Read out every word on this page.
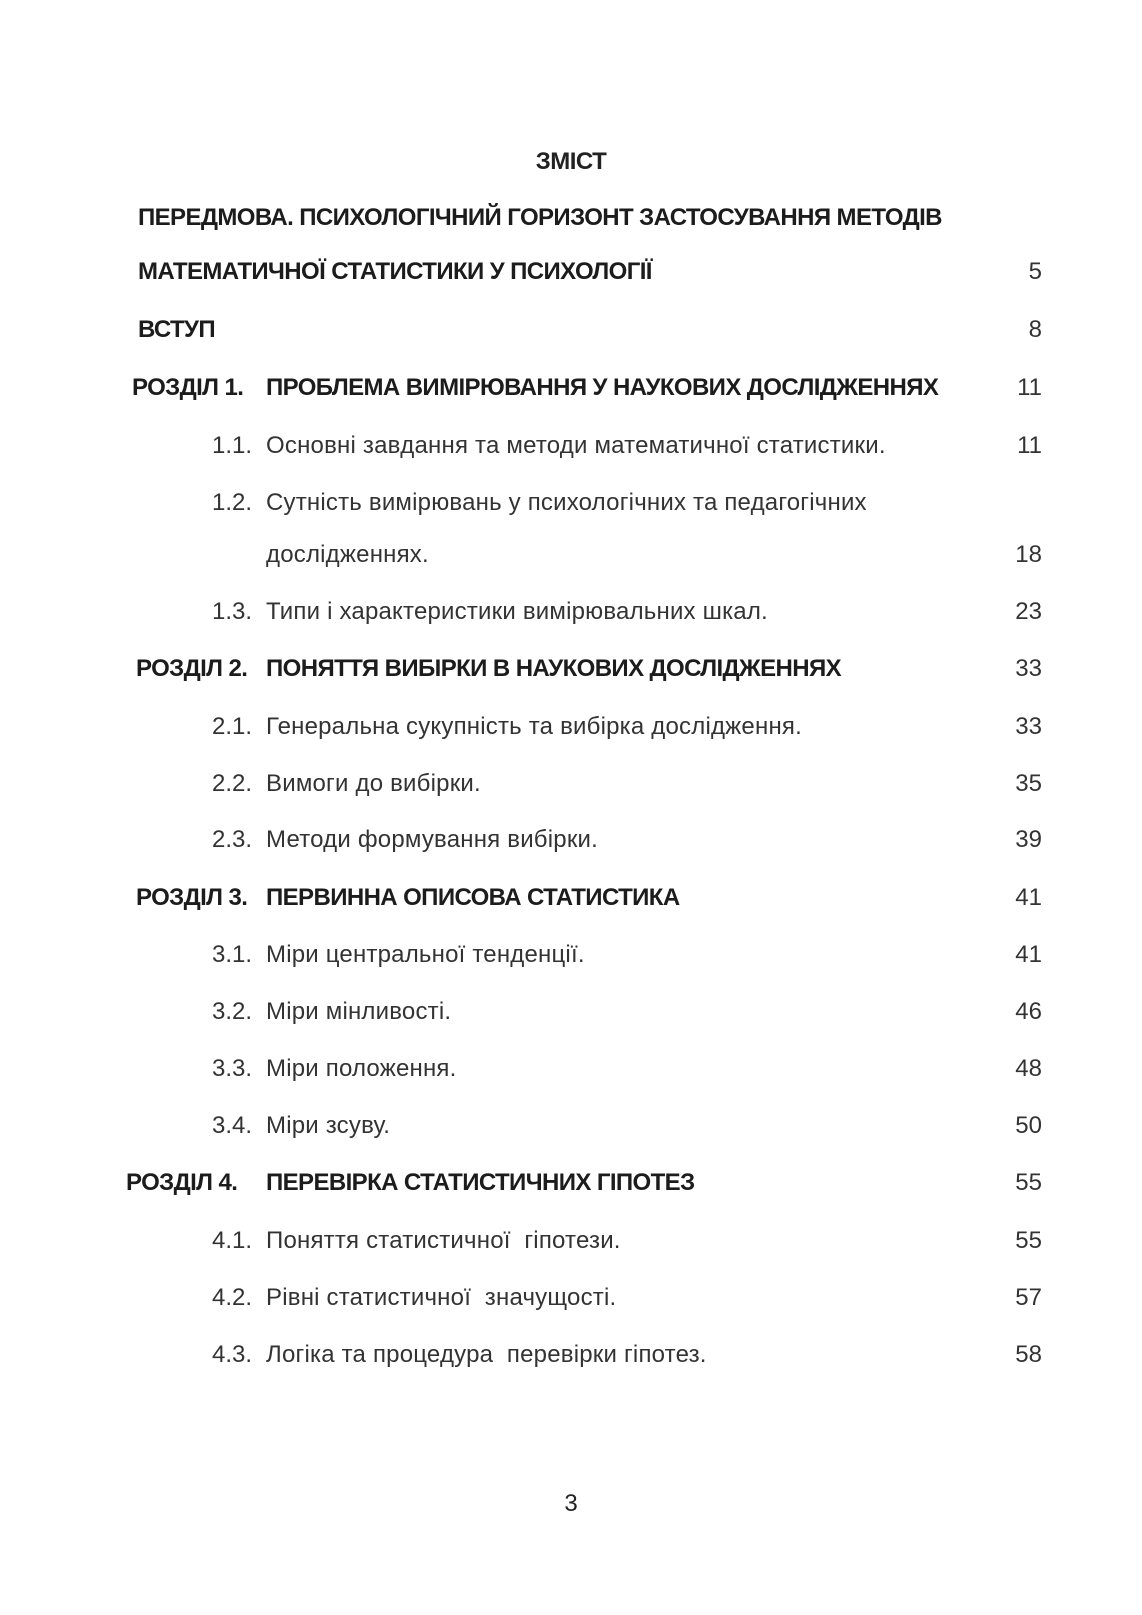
ЗМІСТ
ПЕРЕДМОВА. ПСИХОЛОГІЧНИЙ ГОРИЗОНТ ЗАСТОСУВАННЯ МЕТОДІВ
МАТЕМАТИЧНОЇ СТАТИСТИКИ У ПСИХОЛОГІЇ	5
ВСТУП	8
РОЗДІЛ 1. ПРОБЛЕМА ВИМІРЮВАННЯ У НАУКОВИХ ДОСЛІДЖЕННЯХ	11
1.1. Основні завдання та методи математичної статистики.	11
1.2. Сутність вимірювань у психологічних та педагогічних
дослідженнях.	18
1.3. Типи і характеристики вимірювальних шкал.	23
РОЗДІЛ 2. ПОНЯТТЯ ВИБІРКИ В НАУКОВИХ ДОСЛІДЖЕННЯХ	33
2.1. Генеральна сукупність та вибірка дослідження.	33
2.2. Вимоги до вибірки.	35
2.3. Методи формування вибірки.	39
РОЗДІЛ 3. ПЕРВИННА ОПИСОВА СТАТИСТИКА	41
3.1. Міри центральної тенденції.	41
3.2. Міри мінливості.	46
3.3. Міри положення.	48
3.4. Міри зсуву.	50
РОЗДІЛ 4. ПЕРЕВІРКА СТАТИСТИЧНИХ ГІПОТЕЗ	55
4.1. Поняття статистичної  гіпотези.	55
4.2. Рівні статистичної  значущості.	57
4.3. Логіка та процедура  перевірки гіпотез.	58
3
